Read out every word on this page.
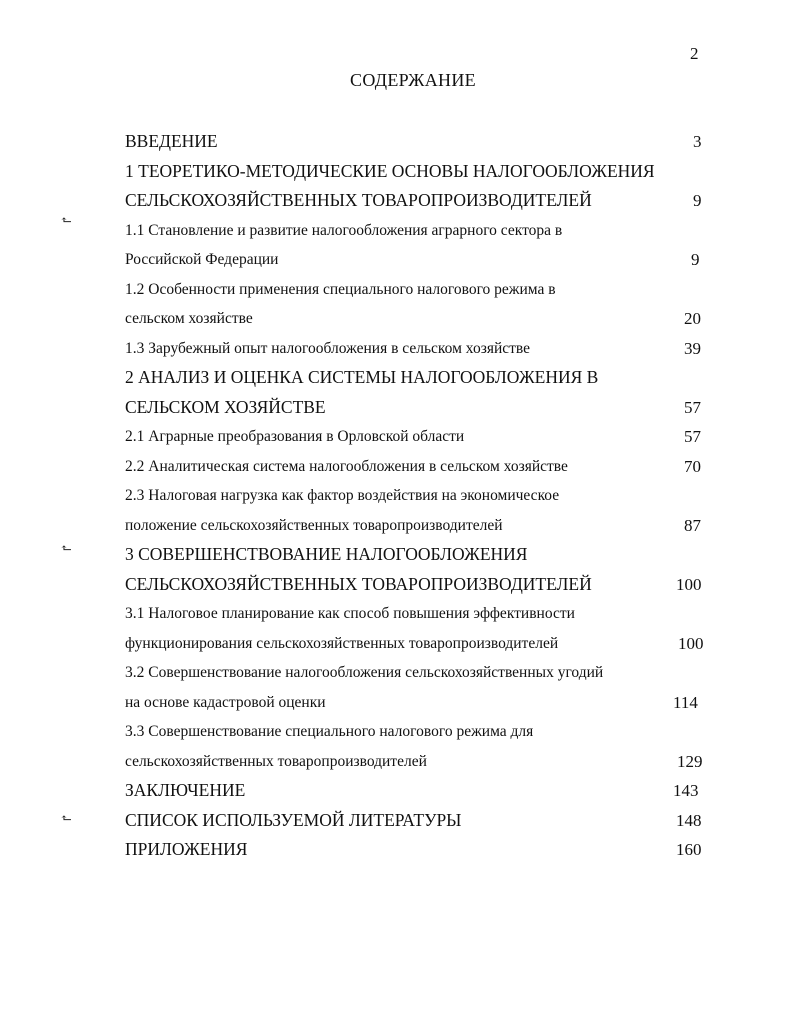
2
СОДЕРЖАНИЕ
ВВЕДЕНИЕ	3
1 ТЕОРЕТИКО-МЕТОДИЧЕСКИЕ ОСНОВЫ НАЛОГООБЛОЖЕНИЯ
СЕЛЬСКОХОЗЯЙСТВЕННЫХ ТОВАРОПРОИЗВОДИТЕЛЕЙ	9
1.1 Становление и развитие налогообложения аграрного сектора в
Российской Федерации	9
1.2 Особенности применения специального налогового режима в
сельском хозяйстве	20
1.3 Зарубежный опыт налогообложения в сельском хозяйстве	39
2 АНАЛИЗ И ОЦЕНКА СИСТЕМЫ НАЛОГООБЛОЖЕНИЯ В
СЕЛЬСКОМ ХОЗЯЙСТВЕ	57
2.1 Аграрные преобразования в Орловской области	57
2.2 Аналитическая система налогообложения в сельском хозяйстве	70
2.3 Налоговая нагрузка как фактор воздействия на экономическое
положение сельскохозяйственных товаропроизводителей	87
3 СОВЕРШЕНСТВОВАНИЕ НАЛОГООБЛОЖЕНИЯ
СЕЛЬСКОХОЗЯЙСТВЕННЫХ ТОВАРОПРОИЗВОДИТЕЛЕЙ	100
3.1 Налоговое планирование как способ повышения эффективности
функционирования сельскохозяйственных товаропроизводителей	100
3.2 Совершенствование налогообложения сельскохозяйственных угодий
на основе кадастровой оценки	114
3.3 Совершенствование специального налогового режима для
сельскохозяйственных товаропроизводителей	129
ЗАКЛЮЧЕНИЕ	143
СПИСОК ИСПОЛЬЗУЕМОЙ ЛИТЕРАТУРЫ	148
ПРИЛОЖЕНИЯ	160
↲
↲
↲
